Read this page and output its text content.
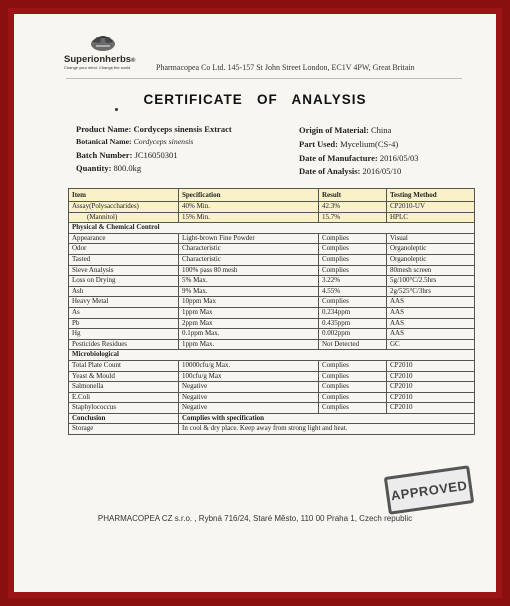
Superionherbs®
Change your mind. Change the world	Pharmacopea Co Ltd. 145-157 St John Street London, EC1V 4PW, Great Britain
CERTIFICATE   OF   ANALYSIS
Product Name: Cordyceps sinensis Extract
Botanical Name: Cordyceps sinensis
Batch Number: JC16050301
Quantity: 800.0kg
Origin of Material: China
Part Used: Mycelium(CS-4)
Date of Manufacture: 2016/05/03
Date of Analysis: 2016/05/10
Item	Specification	Result	Testing Method
Assay(Polysaccharides)	40% Min.	42.3%	CP2010-UV
(Mannitol)	15% Min.	15.7%	HPLC
Physical & Chemical Control			
Appearance	Light-brown Fine Powder	Complies	Visual
Odor	Characteristic	Complies	Organoleptic
Tasted	Characteristic	Complies	Organoleptic
Sieve Analysis	100% pass 80 mesh	Complies	80mesh screen
Loss on Drying	5% Max.	3.22%	5g/100°C/2.5hrs
Ash	9% Max.	4.55%	2g/525°C/3hrs
Heavy Metal	10ppm Max	Complies	AAS
As	1ppm Max	0.234ppm	AAS
Pb	2ppm Max	0.435ppm	AAS
Hg	0.1ppm Max.	0.002ppm	AAS
Pesticides Residues	1ppm Max.	Not Detected	GC
Microbiological			
Total Plate Count	10000cfu/g Max.	Complies	CP2010
Yeast & Mould	100cfu/g Max	Complies	CP2010
Salmonella	Negative	Complies	CP2010
E.Coli	Negative	Complies	CP2010
Staphylococcus	Negative	Complies	CP2010
Conclusion	Complies with specification		
Storage	In cool & dry place. Keep away from strong light and heat.		
APPROVED
PHARMACOPEA CZ s.r.o. , Rybná 716/24, Staré Město, 110 00 Praha 1, Czech republic
